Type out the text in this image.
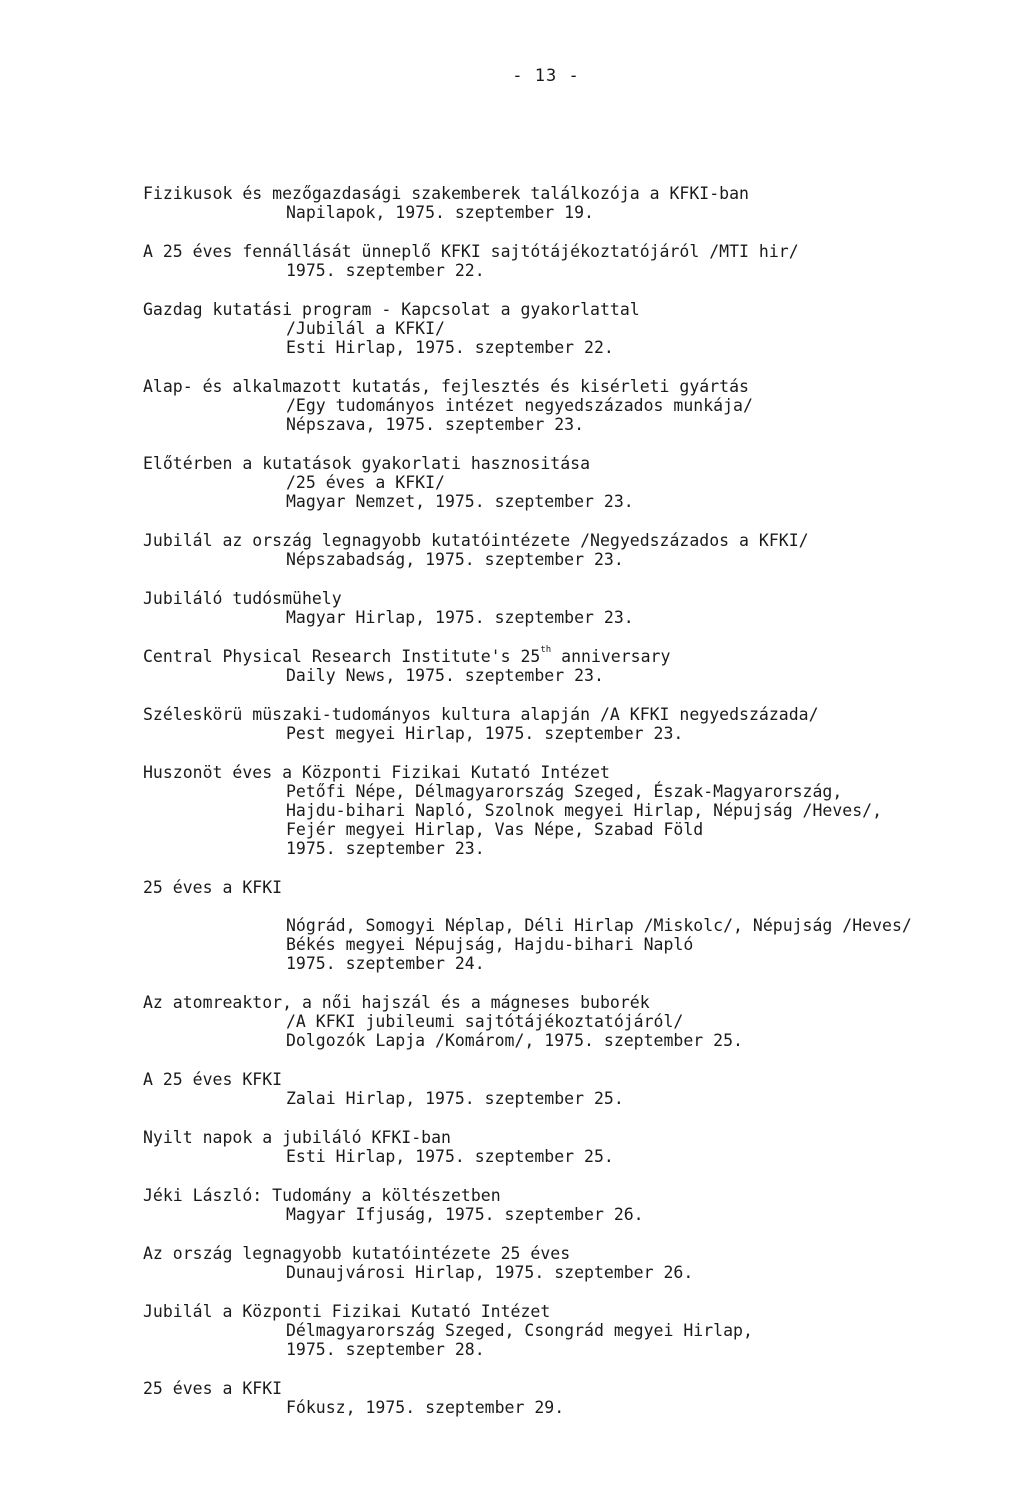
- 13 -
Fizikusok és mezőgazdasági szakemberek találkozója a KFKI-ban
Napilapok, 1975. szeptember 19.
A 25 éves fennállását ünneplő KFKI sajtótájékoztatójáról /MTI hir/
1975. szeptember 22.
Gazdag kutatási program - Kapcsolat a gyakorlattal
/Jubilál a KFKI/
Esti Hirlap, 1975. szeptember 22.
Alap- és alkalmazott kutatás, fejlesztés és kisérleti gyártás
/Egy tudományos intézet negyedszázados munkája/
Népszava, 1975. szeptember 23.
Előtérben a kutatások gyakorlati hasznositása
/25 éves a KFKI/
Magyar Nemzet, 1975. szeptember 23.
Jubilál az ország legnagyobb kutatóintézete /Negyedszázados a KFKI/
Népszabadság, 1975. szeptember 23.
Jubiláló tudósmühely
Magyar Hirlap, 1975. szeptember 23.
Central Physical Research Institute's 25th anniversary
Daily News, 1975. szeptember 23.
Széleskörü müszaki-tudományos kultura alapján /A KFKI negyedszázada/
Pest megyei Hirlap, 1975. szeptember 23.
Huszonöt éves a Központi Fizikai Kutató Intézet
Petőfi Népe, Délmagyarország Szeged, Észak-Magyarország,
Hajdu-bihari Napló, Szolnok megyei Hirlap, Népujság /Heves/,
Fejér megyei Hirlap, Vas Népe, Szabad Föld
1975. szeptember 23.
25 éves a KFKI
Nógrád, Somogyi Néplap, Déli Hirlap /Miskolc/, Népujság /Heves/
Békés megyei Népujság, Hajdu-bihari Napló
1975. szeptember 24.
Az atomreaktor, a női hajszál és a mágneses buborék
/A KFKI jubileumi sajtótájékoztatójáról/
Dolgozók Lapja /Komárom/, 1975. szeptember 25.
A 25 éves KFKI
Zalai Hirlap, 1975. szeptember 25.
Nyilt napok a jubiláló KFKI-ban
Esti Hirlap, 1975. szeptember 25.
Jéki László: Tudomány a költészetben
Magyar Ifjuság, 1975. szeptember 26.
Az ország legnagyobb kutatóintézete 25 éves
Dunaujvárosi Hirlap, 1975. szeptember 26.
Jubilál a Központi Fizikai Kutató Intézet
Délmagyarország Szeged, Csongrád megyei Hirlap,
1975. szeptember 28.
25 éves a KFKI
Fókusz, 1975. szeptember 29.
